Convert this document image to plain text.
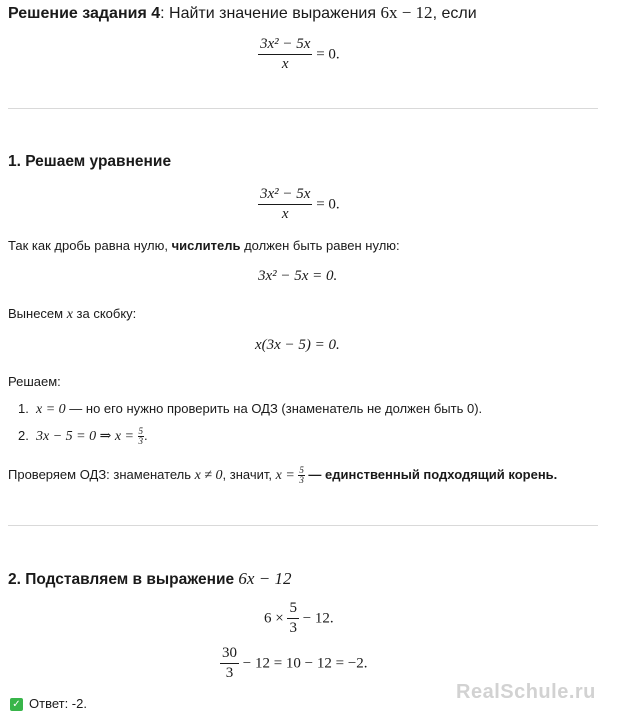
Решение задания 4: Найти значение выражения 6x − 12, если
$\frac{\text{3x² − 5x}}{x} = 0$.
1. Решаем уравнение
$\frac{\text{3x² − 5x}}{x} = 0$.
Так как дробь равна нулю, числитель должен быть равен нулю:
3x² − 5x = 0.
Вынесем x за скобку:
x(3x − 5) = 0.
Решаем:
1. x = 0 — но его нужно проверить на ОДЗ (знаменатель не должен быть 0).
2. 3x − 5 = 0 ⇒ $x = \frac{5}{3}$ .
Проверяем ОДЗ: знаменатель x ≠ 0, значит, $x = \frac{5}{3}$ — единственный подходящий корень.
2. Подставляем в выражение 6x − 12
$6 \times \frac{5}{3} - 12$.
$\frac{30}{3} - 12 = 10 - 12 = -2$.
✓ Ответ: -2.
RealSchule.ru
